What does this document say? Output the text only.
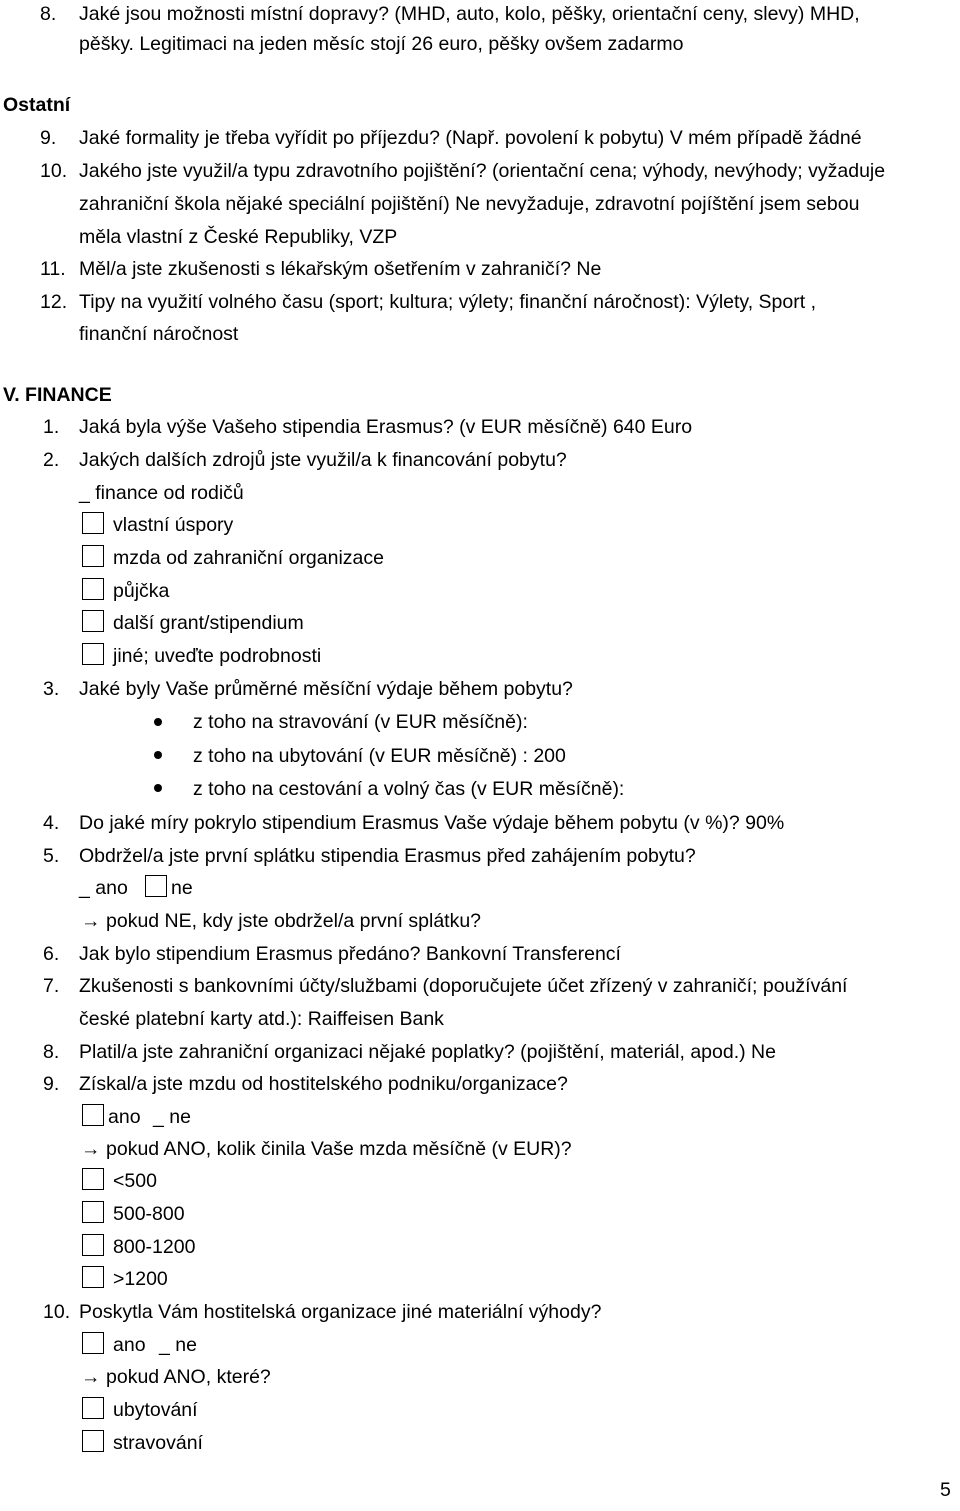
8. Jaké jsou možnosti místní dopravy? (MHD, auto, kolo, pěšky, orientační ceny, slevy) MHD,
pěšky. Legitimaci na jeden měsíc stojí 26 euro, pěšky ovšem zadarmo
Ostatní
9. Jaké formality je třeba vyřídit po příjezdu? (Např. povolení k pobytu) V mém případě žádné
10. Jakého jste využil/a typu zdravotního pojištění? (orientační cena; výhody, nevýhody; vyžaduje
zahraniční škola nějaké speciální pojištění) Ne nevyžaduje, zdravotní pojíštění jsem sebou
měla vlastní z České Republiky, VZP
11. Měl/a jste zkušenosti s lékařským ošetřením v zahraničí? Ne
12. Tipy na využití volného času (sport; kultura; výlety; finanční náročnost): Výlety, Sport ,
finanční náročnost
V. FINANCE
1. Jaká byla výše Vašeho stipendia Erasmus? (v EUR měsíčně) 640 Euro
2. Jakých dalších zdrojů jste využil/a k financování pobytu?
_ finance od rodičů
vlastní úspory
mzda od zahraniční organizace
půjčka
další grant/stipendium
jiné; uveďte podrobnosti
3. Jaké byly Vaše průměrné měsíční výdaje během pobytu?
z toho na stravování (v EUR měsíčně):
z toho na ubytování (v EUR měsíčně) : 200
z toho na cestování a volný čas (v EUR měsíčně):
4. Do jaké míry pokrylo stipendium Erasmus Vaše výdaje během pobytu (v %)? 90%
5. Obdržel/a jste první splátku stipendia Erasmus před zahájením pobytu?
_ ano ne
→ pokud NE, kdy jste obdržel/a první splátku?
6. Jak bylo stipendium Erasmus předáno? Bankovní Transferencí
7. Zkušenosti s bankovními účty/službami (doporučujete účet zřízený v zahraničí; používání
české platební karty atd.): Raiffeisen Bank
8. Platil/a jste zahraniční organizaci nějaké poplatky? (pojištění, materiál, apod.) Ne
9. Získal/a jste mzdu od hostitelského podniku/organizace?
ano _ ne
→ pokud ANO, kolik činila Vaše mzda měsíčně (v EUR)?
<500
500-800
800-1200
>1200
10. Poskytla Vám hostitelská organizace jiné materiální výhody?
ano _ ne
→ pokud ANO, které?
ubytování
stravování
5
